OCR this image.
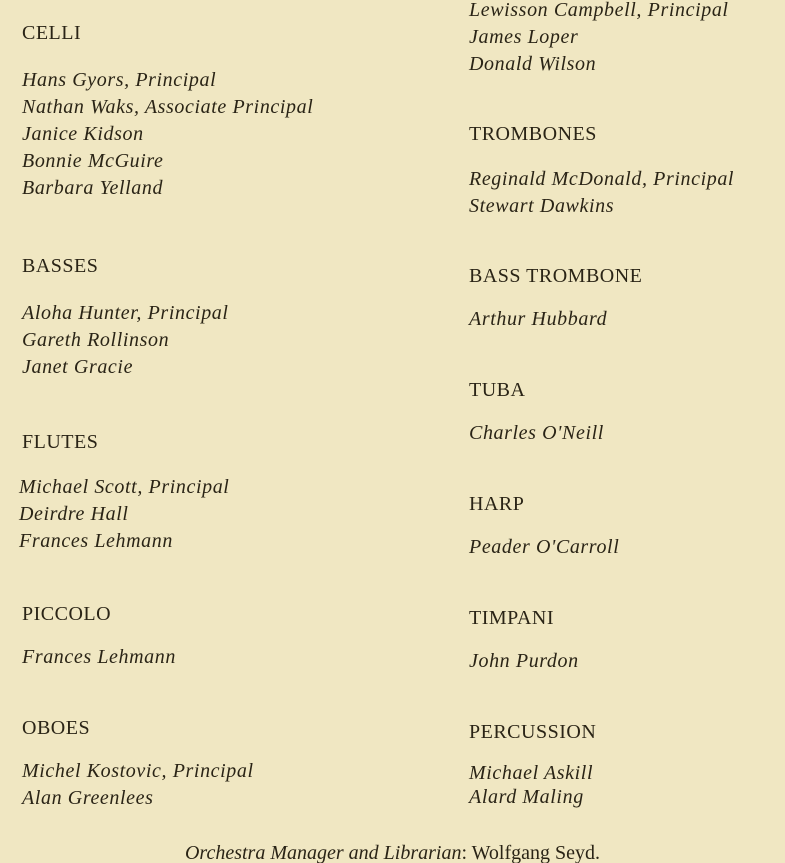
CELLI
Hans Gyors, Principal
Nathan Waks, Associate Principal
Janice Kidson
Bonnie McGuire
Barbara Yelland
BASSES
Aloha Hunter, Principal
Gareth Rollinson
Janet Gracie
FLUTES
Michael Scott, Principal
Deirdre Hall
Frances Lehmann
PICCOLO
Frances Lehmann
OBOES
Michel Kostovic, Principal
Alan Greenlees
Lewisson Campbell, Principal
James Loper
Donald Wilson
TROMBONES
Reginald McDonald, Principal
Stewart Dawkins
BASS TROMBONE
Arthur Hubbard
TUBA
Charles O'Neill
HARP
Peader O'Carroll
TIMPANI
John Purdon
PERCUSSION
Michael Askill
Alard Maling
Orchestra Manager and Librarian: Wolfgang Seyd.
